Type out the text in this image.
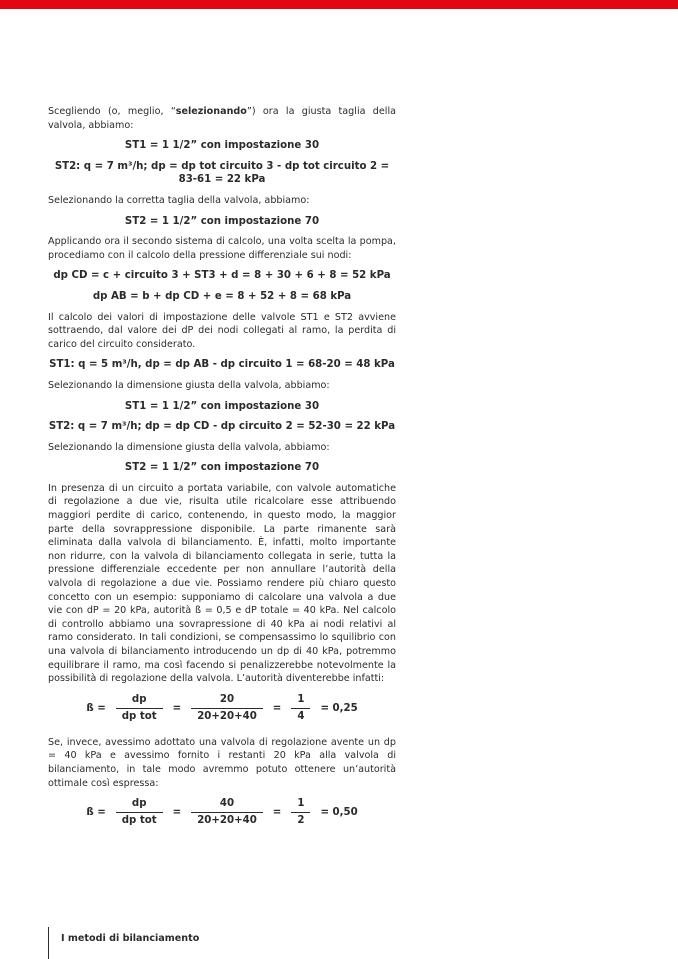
Scegliendo (o, meglio, “selezionando”) ora la giusta taglia della valvola, abbiamo:

ST1 = 1 1/2” con impostazione 30
ST2: q = 7 m³/h; dp = dp tot circuito 3 - dp tot circuito 2 =
83-61 = 22 kPa

Selezionando la corretta taglia della valvola, abbiamo:

ST2 = 1 1/2” con impostazione 70

Applicando ora il secondo sistema di calcolo, una volta scelta la pompa, procediamo con il calcolo della pressione differenziale sui nodi:

dp CD = c + circuito 3 + ST3 + d = 8 + 30 + 6 + 8 = 52 kPa
dp AB = b + dp CD + e = 8 + 52 + 8 = 68 kPa

Il calcolo dei valori di impostazione delle valvole ST1 e ST2 avviene sottraendo, dal valore dei dP dei nodi collegati al ramo, la perdita di carico del circuito considerato.

ST1: q = 5 m³/h, dp = dp AB - dp circuito 1 = 68-20 = 48 kPa

Selezionando la dimensione giusta della valvola, abbiamo:

ST1 = 1 1/2” con impostazione 30
ST2: q = 7 m³/h; dp = dp CD - dp circuito 2 = 52-30 = 22 kPa

Selezionando la dimensione giusta della valvola, abbiamo:

ST2 = 1 1/2” con impostazione 70

In presenza di un circuito a portata variabile, con valvole automatiche di regolazione a due vie, risulta utile ricalcolare esse attribuendo maggiori perdite di carico, contenendo, in questo modo, la maggior parte della sovrappressione disponibile. La parte rimanente sarà eliminata dalla valvola di bilanciamento. È, infatti, molto importante non ridurre, con la valvola di bilanciamento collegata in serie, tutta la pressione differenziale eccedente per non annullare l’autorità della valvola di regolazione a due vie. Possiamo rendere più chiaro questo concetto con un esempio: supponiamo di calcolare una valvola a due vie con dP = 20 kPa, autorità ß = 0,5 e dP totale = 40 kPa. Nel calcolo di controllo abbiamo una sovrapressione di 40 kPa ai nodi relativi al ramo considerato. In tali condizioni, se compensassimo lo squilibrio con una valvola di bilanciamento introducendo un dp di 40 kPa, potremmo equilibrare il ramo, ma così facendo si penalizzerebbe notevolmente la possibilità di regolazione della valvola. L’autorità diventerebbe infatti:

ß = $\frac{dp}{\text{dp tot}} = \frac{20}{20+20+40} = \frac{1}{4} = 0,25$

Se, invece, avessimo adottato una valvola di regolazione avente un dp = 40 kPa e avessimo fornito i restanti 20 kPa alla valvola di bilanciamento, in tale modo avremmo potuto ottenere un’autorità ottimale così espressa:

ß = $\frac{dp}{\text{dp tot}} = \frac{40}{20+20+40} = \frac{1}{2} = 0,50$
I metodi di bilanciamento
